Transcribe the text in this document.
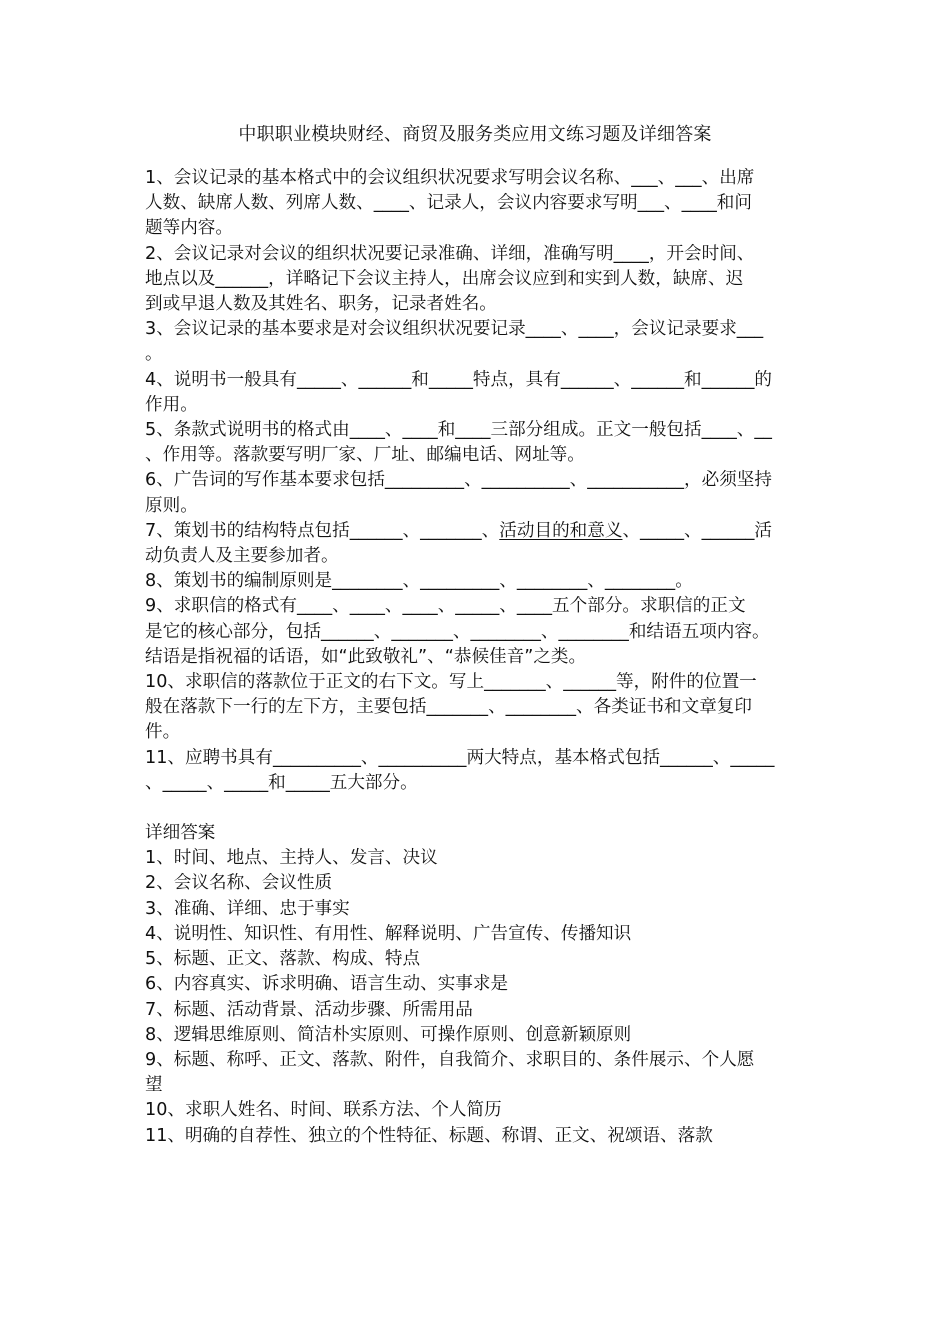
中职职业模块财经、商贸及服务类应用文练习题及详细答案

1、会议记录的基本格式中的会议组织状况要求写明会议名称、___、___、出席

人数、缺席人数、列席人数、____、记录人，会议内容要求写明___、____和问

题等内容。

2、会议记录对会议的组织状况要记录准确、详细，准确写明____，开会时间、

地点以及______，详略记下会议主持人，出席会议应到和实到人数，缺席、迟

到或早退人数及其姓名、职务，记录者姓名。

3、会议记录的基本要求是对会议组织状况要记录____、____，会议记录要求___

。

4、说明书一般具有_____、______和_____特点，具有______、______和______的

作用。

5、条款式说明书的格式由____、____和____三部分组成。正文一般包括____、__

、作用等。落款要写明厂家、厂址、邮编电话、网址等。

6、广告词的写作基本要求包括_________、__________、___________，必须坚持

原则。

7、策划书的结构特点包括______、_______、活动目的和意义、_____、______活

动负责人及主要参加者。

8、策划书的编制原则是________、_________、________、________。

9、求职信的格式有____、____、____、_____、____五个部分。求职信的正文

是它的核心部分，包括______、_______、________、________和结语五项内容。

结语是指祝福的话语，如“此致敬礼”、“恭候佳音”之类。

10、求职信的落款位于正文的右下文。写上_______、______等，附件的位置一

般在落款下一行的左下方，主要包括_______、________、各类证书和文章复印

件。

11、应聘书具有__________、__________两大特点，基本格式包括______、_____

、_____、_____和_____五大部分。

详细答案

1、时间、地点、主持人、发言、决议

2、会议名称、会议性质

3、准确、详细、忠于事实

4、说明性、知识性、有用性、解释说明、广告宣传、传播知识

5、标题、正文、落款、构成、特点

6、内容真实、诉求明确、语言生动、实事求是

7、标题、活动背景、活动步骤、所需用品

8、逻辑思维原则、简洁朴实原则、可操作原则、创意新颖原则

9、标题、称呼、正文、落款、附件，自我简介、求职目的、条件展示、个人愿

望

10、求职人姓名、时间、联系方法、个人简历

11、明确的自荐性、独立的个性特征、标题、称谓、正文、祝颂语、落款
